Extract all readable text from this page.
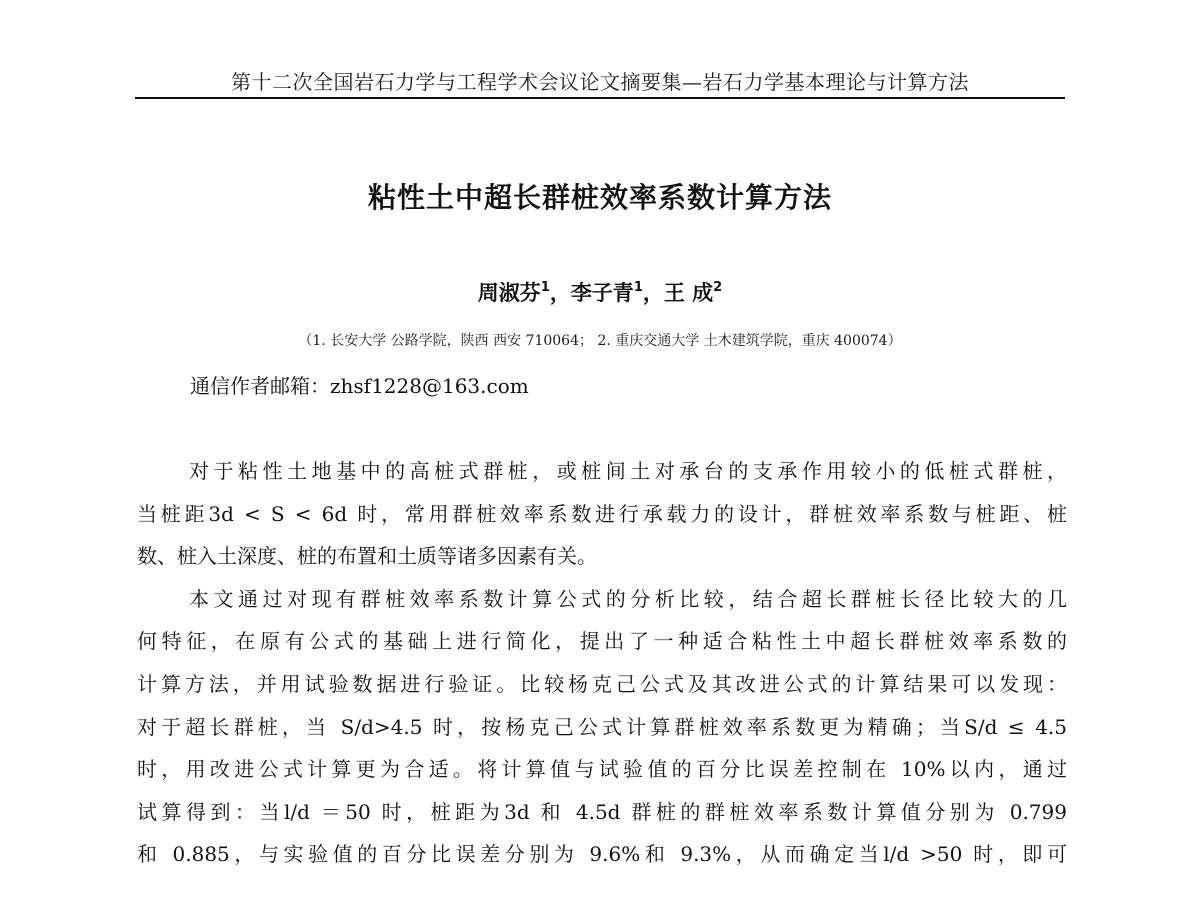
第十二次全国岩石力学与工程学术会议论文摘要集—岩石力学基本理论与计算方法
粘性土中超长群桩效率系数计算方法
周淑芬$^1$，李子青$^1$，王 成$^2$
（1. 长安大学 公路学院，陕西 西安 710064； 2. 重庆交通大学 土木建筑学院，重庆 400074）
通信作者邮箱：zhsf1228@163.com
对于粘性土地基中的高桩式群桩，或桩间土对承台的支承作用较小的低桩式群桩，
当桩距3d < S < 6d 时，常用群桩效率系数进行承载力的设计，群桩效率系数与桩距、桩
数、桩入土深度、桩的布置和土质等诸多因素有关。
本文通过对现有群桩效率系数计算公式的分析比较，结合超长群桩长径比较大的几
何特征，在原有公式的基础上进行简化，提出了一种适合粘性土中超长群桩效率系数的
计算方法，并用试验数据进行验证。比较杨克己公式及其改进公式的计算结果可以发现：
对于超长群桩，当 S/d>4.5 时，按杨克己公式计算群桩效率系数更为精确；当S/d ≤ 4.5
时，用改进公式计算更为合适。将计算值与试验值的百分比误差控制在 10%以内，通过
试算得到：当l/d ＝50 时，桩距为3d 和 4.5d 群桩的群桩效率系数计算值分别为 0.799
和 0.885，与实验值的百分比误差分别为 9.6%和 9.3%，从而确定当l/d >50 时，即可
